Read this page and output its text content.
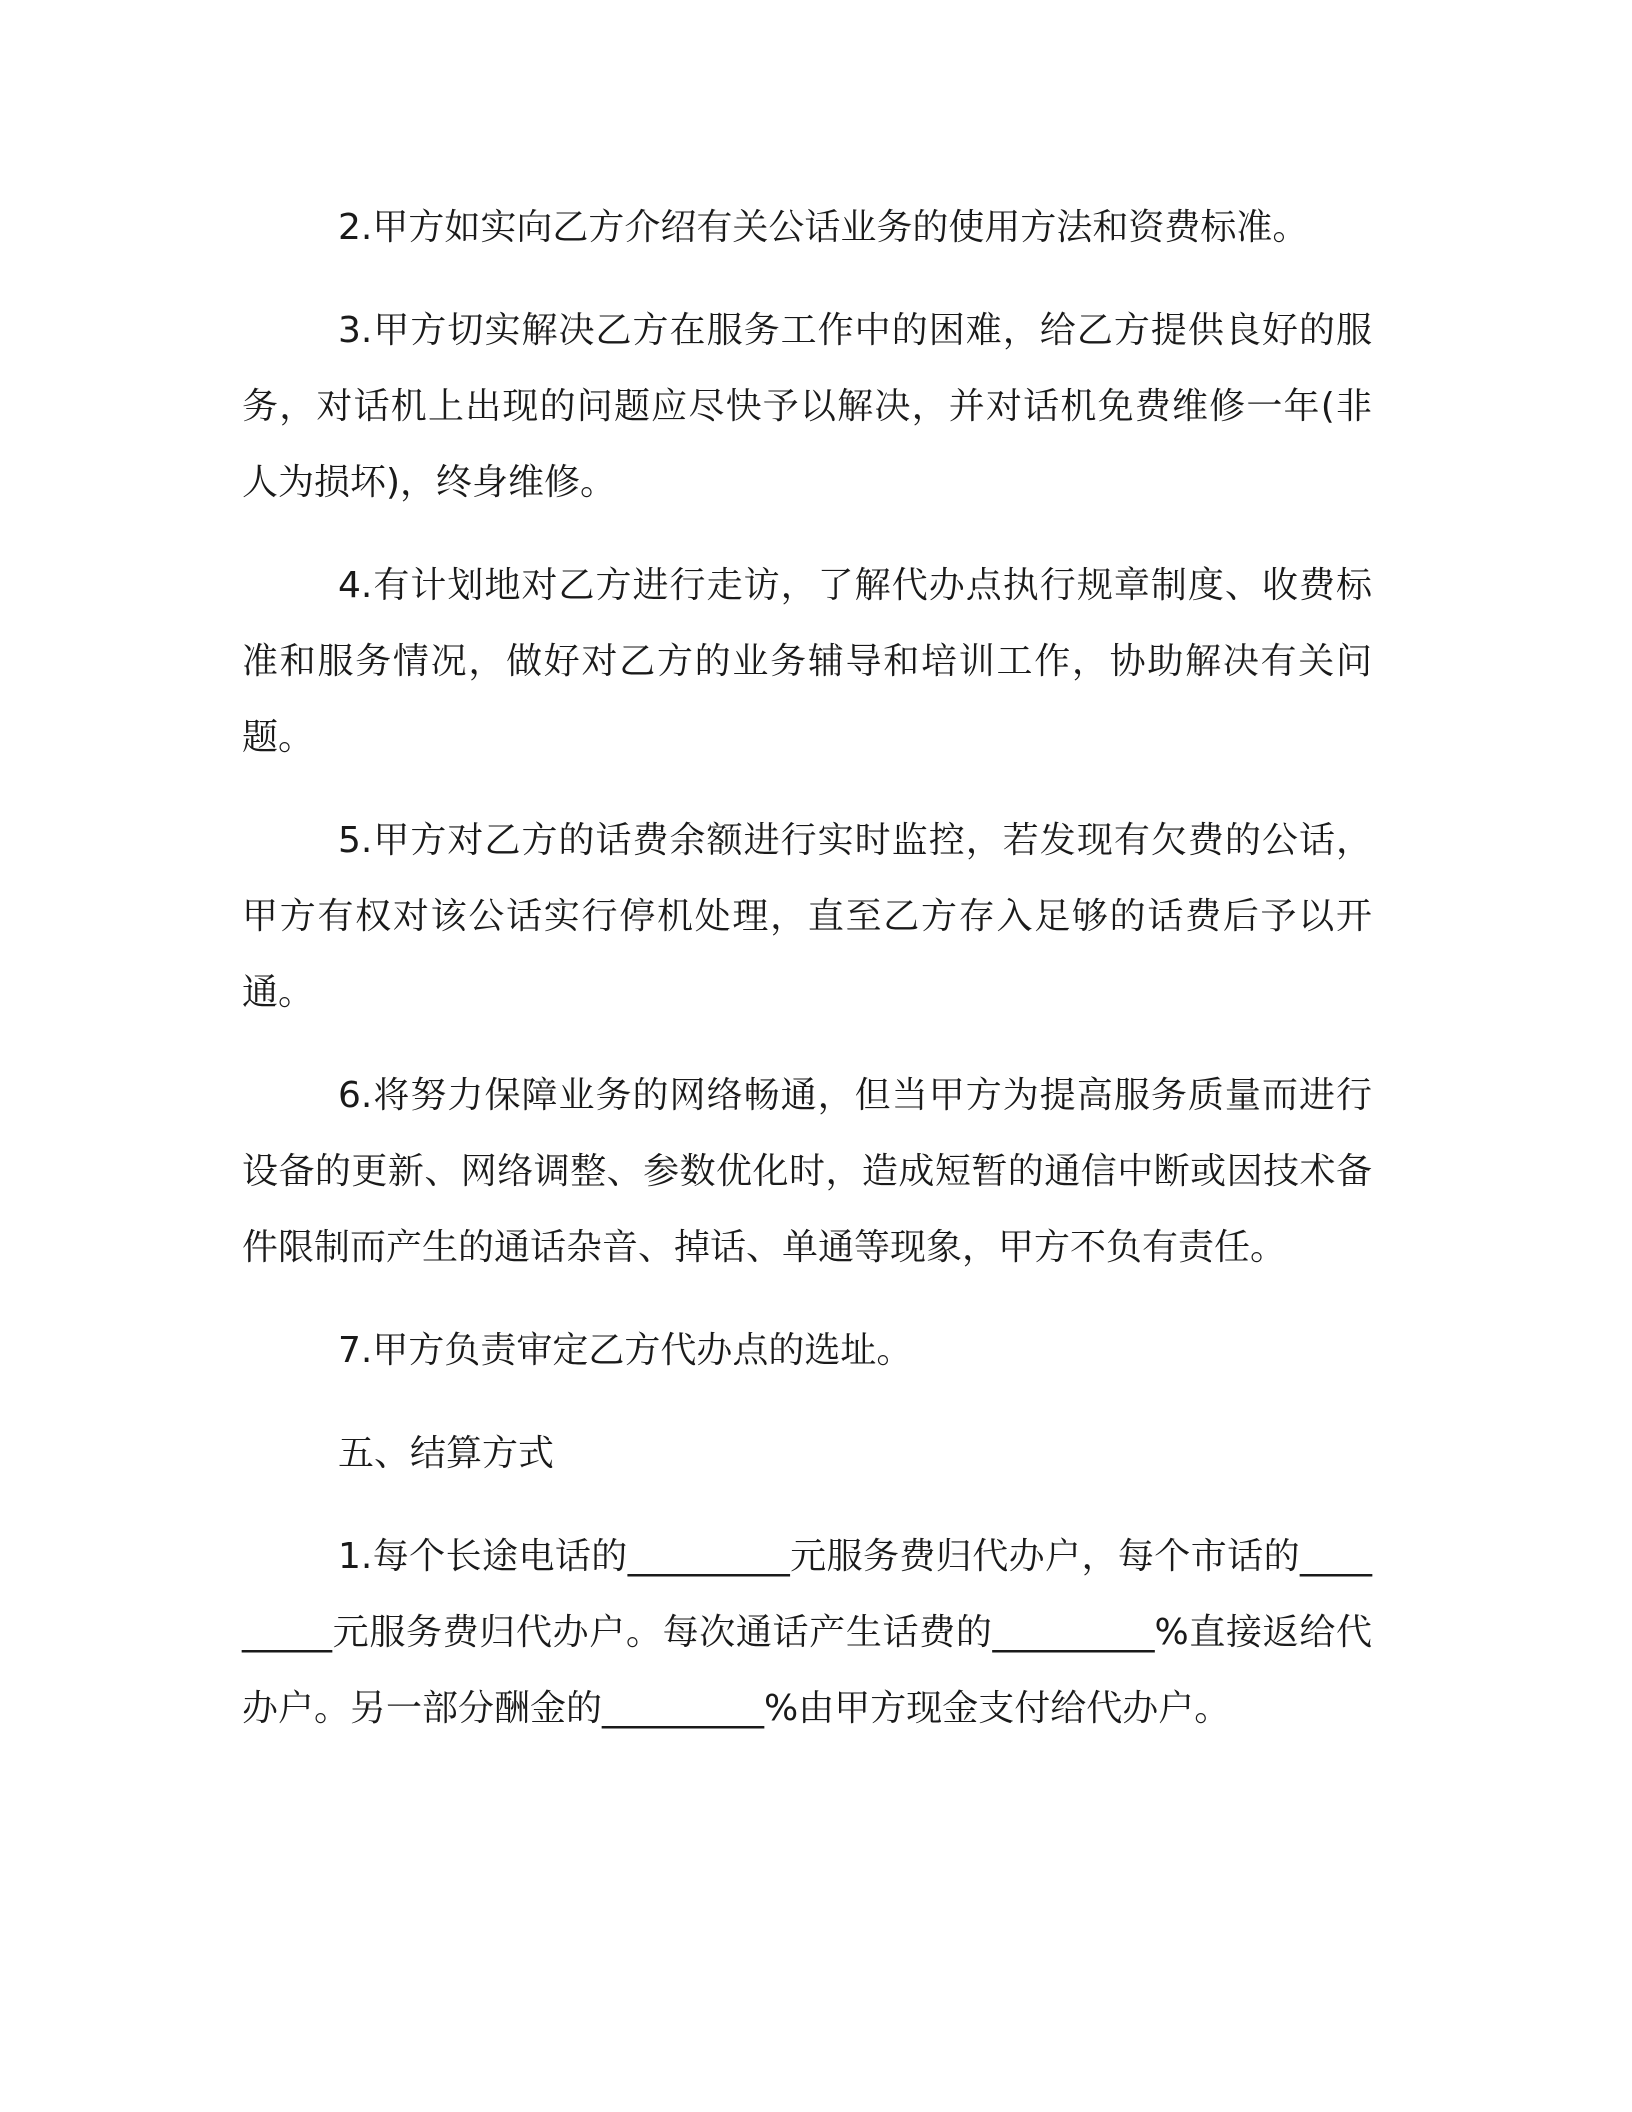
2.甲方如实向乙方介绍有关公话业务的使用方法和资费标准。

3.甲方切实解决乙方在服务工作中的困难，给乙方提供良好的服务，对话机上出现的问题应尽快予以解决，并对话机免费维修一年(非人为损坏)，终身维修。

4.有计划地对乙方进行走访，了解代办点执行规章制度、收费标准和服务情况，做好对乙方的业务辅导和培训工作，协助解决有关问题。

5.甲方对乙方的话费余额进行实时监控，若发现有欠费的公话，甲方有权对该公话实行停机处理，直至乙方存入足够的话费后予以开通。

6.将努力保障业务的网络畅通，但当甲方为提高服务质量而进行设备的更新、网络调整、参数优化时，造成短暂的通信中断或因技术备件限制而产生的通话杂音、掉话、单通等现象，甲方不负有责任。

7.甲方负责审定乙方代办点的选址。

五、结算方式

1.每个长途电话的_________元服务费归代办户，每个市话的_________元服务费归代办户。每次通话产生话费的_________%直接返给代办户。另一部分酬金的_________%由甲方现金支付给代办户。
